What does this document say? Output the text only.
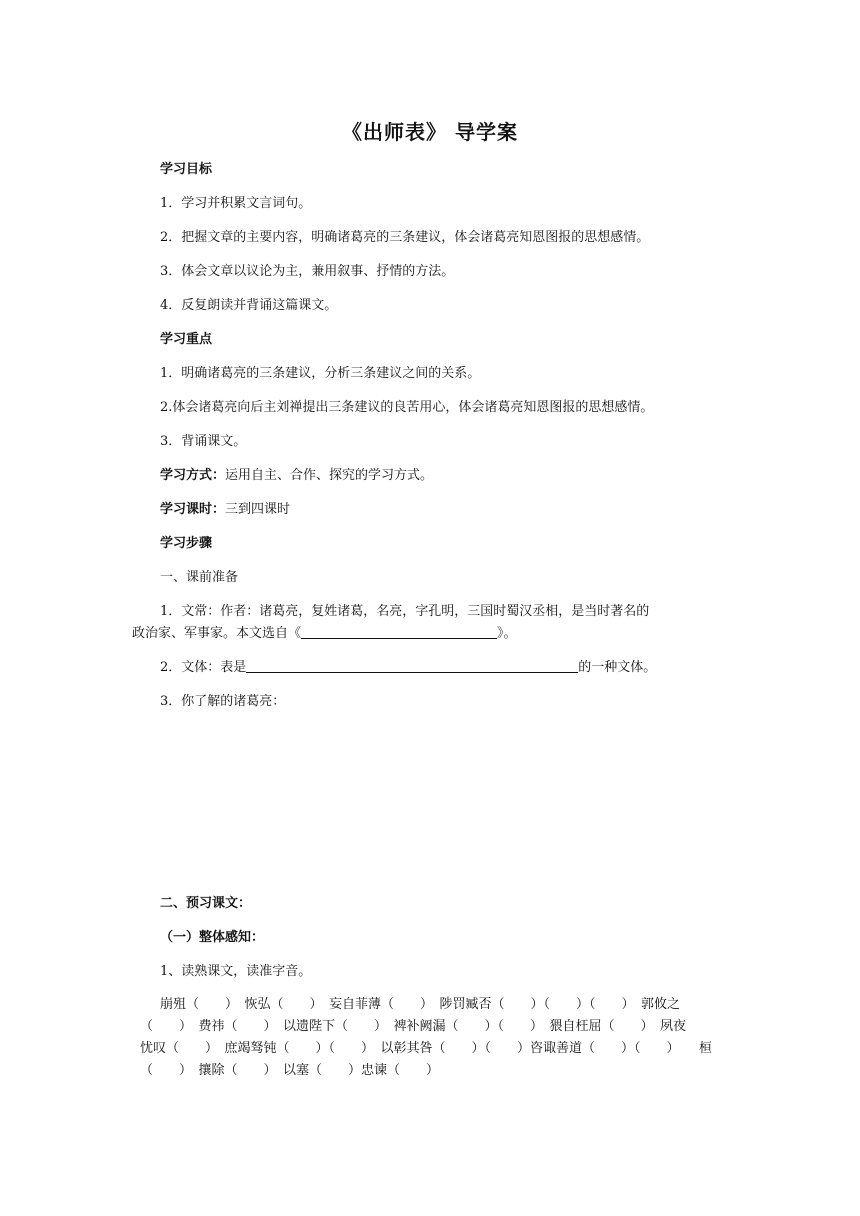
《出师表》 导学案
学习目标
1．学习并积累文言词句。
2．把握文章的主要内容，明确诸葛亮的三条建议，体会诸葛亮知恩图报的思想感情。
3．体会文章以议论为主，兼用叙事、抒情的方法。
4．反复朗读并背诵这篇课文。
学习重点
1．明确诸葛亮的三条建议，分析三条建议之间的关系。
2.体会诸葛亮向后主刘禅提出三条建议的良苦用心，体会诸葛亮知恩图报的思想感情。
3．背诵课文。
学习方式：运用自主、合作、探究的学习方式。
学习课时：三到四课时
学习步骤
一、课前准备
1．文常：作者：诸葛亮，复姓诸葛，名亮，字孔明，三国时蜀汉丞相，是当时著名的
政治家、军事家。本文选自《	》。
2．文体：表是	的一种文体。
3．你了解的诸葛亮：
二、预习课文：
（一）整体感知：
1、读熟课文，读准字音。
崩殂（　　）　恢弘（　　）　妄自菲薄（　　）　陟罚臧否（　　）（　　）（　　）　郭攸之
（　　）　费祎（　　）　以遗陛下（　　）　裨补阙漏（　　）（　　）　猥自枉屈（　　）　夙夜
忧叹（　　）　庶竭驽钝（　　）（　　）　以彰其咎（　　）（　　）咨诹善道（　　）（　　）　　桓
（　　）　攘除（　　）　以塞（　　）忠谏（　　）
